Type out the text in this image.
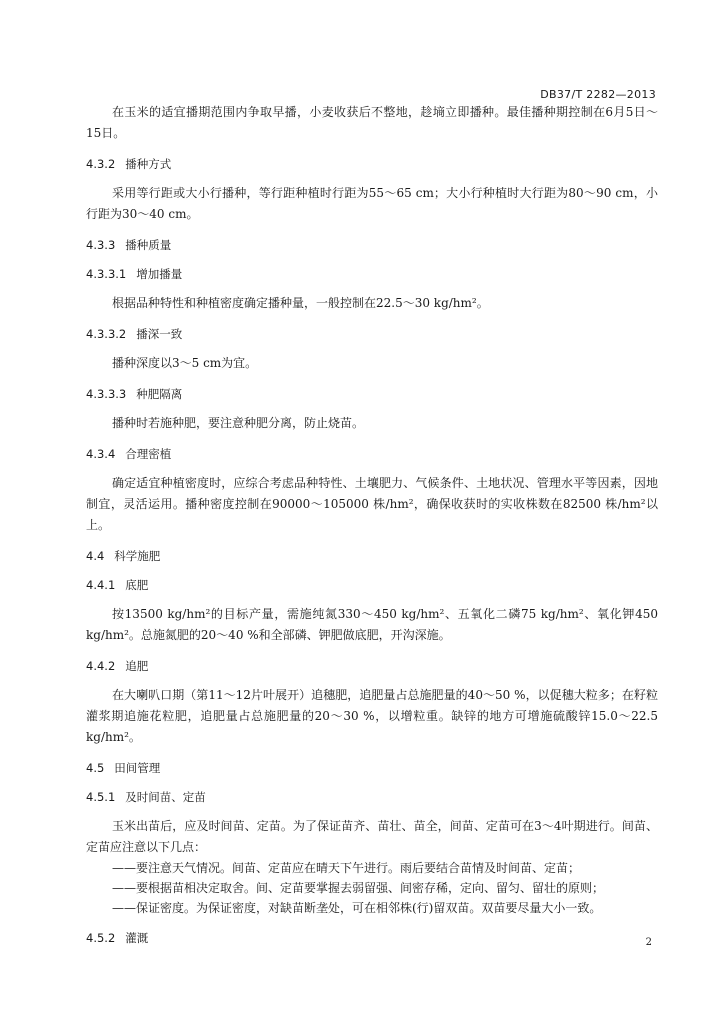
DB37/T 2282—2013

在玉米的适宜播期范围内争取早播，小麦收获后不整地，趁墒立即播种。最佳播种期控制在6月5日～15日。

4.3.2 播种方式

采用等行距或大小行播种，等行距种植时行距为55～65 cm；大小行种植时大行距为80～90 cm，小行距为30～40 cm。

4.3.3 播种质量
4.3.3.1 增加播量

根据品种特性和种植密度确定播种量，一般控制在22.5～30 kg/hm²。

4.3.3.2 播深一致

播种深度以3～5 cm为宜。

4.3.3.3 种肥隔离

播种时若施种肥，要注意种肥分离，防止烧苗。

4.3.4 合理密植

确定适宜种植密度时，应综合考虑品种特性、土壤肥力、气候条件、土地状况、管理水平等因素，因地制宜，灵活运用。播种密度控制在90000～105000 株/hm²，确保收获时的实收株数在82500 株/hm²以上。

4.4 科学施肥
4.4.1 底肥

按13500 kg/hm²的目标产量，需施纯氮330～450 kg/hm²、五氧化二磷75 kg/hm²、氧化钾450 kg/hm²。总施氮肥的20～40 %和全部磷、钾肥做底肥，开沟深施。

4.4.2 追肥

在大喇叭口期（第11～12片叶展开）追穗肥，追肥量占总施肥量的40～50 %，以促穗大粒多；在籽粒灌浆期追施花粒肥，追肥量占总施肥量的20～30 %，以增粒重。缺锌的地方可增施硫酸锌15.0～22.5 kg/hm²。

4.5 田间管理
4.5.1 及时间苗、定苗

玉米出苗后，应及时间苗、定苗。为了保证苗齐、苗壮、苗全，间苗、定苗可在3～4叶期进行。间苗、定苗应注意以下几点：

——要注意天气情况。间苗、定苗应在晴天下午进行。雨后要结合苗情及时间苗、定苗；

——要根据苗相决定取舍。间、定苗要掌握去弱留强、间密存稀，定向、留匀、留壮的原则；

——保证密度。为保证密度，对缺苗断垄处，可在相邻株(行)留双苗。双苗要尽量大小一致。

4.5.2 灌溉	2
